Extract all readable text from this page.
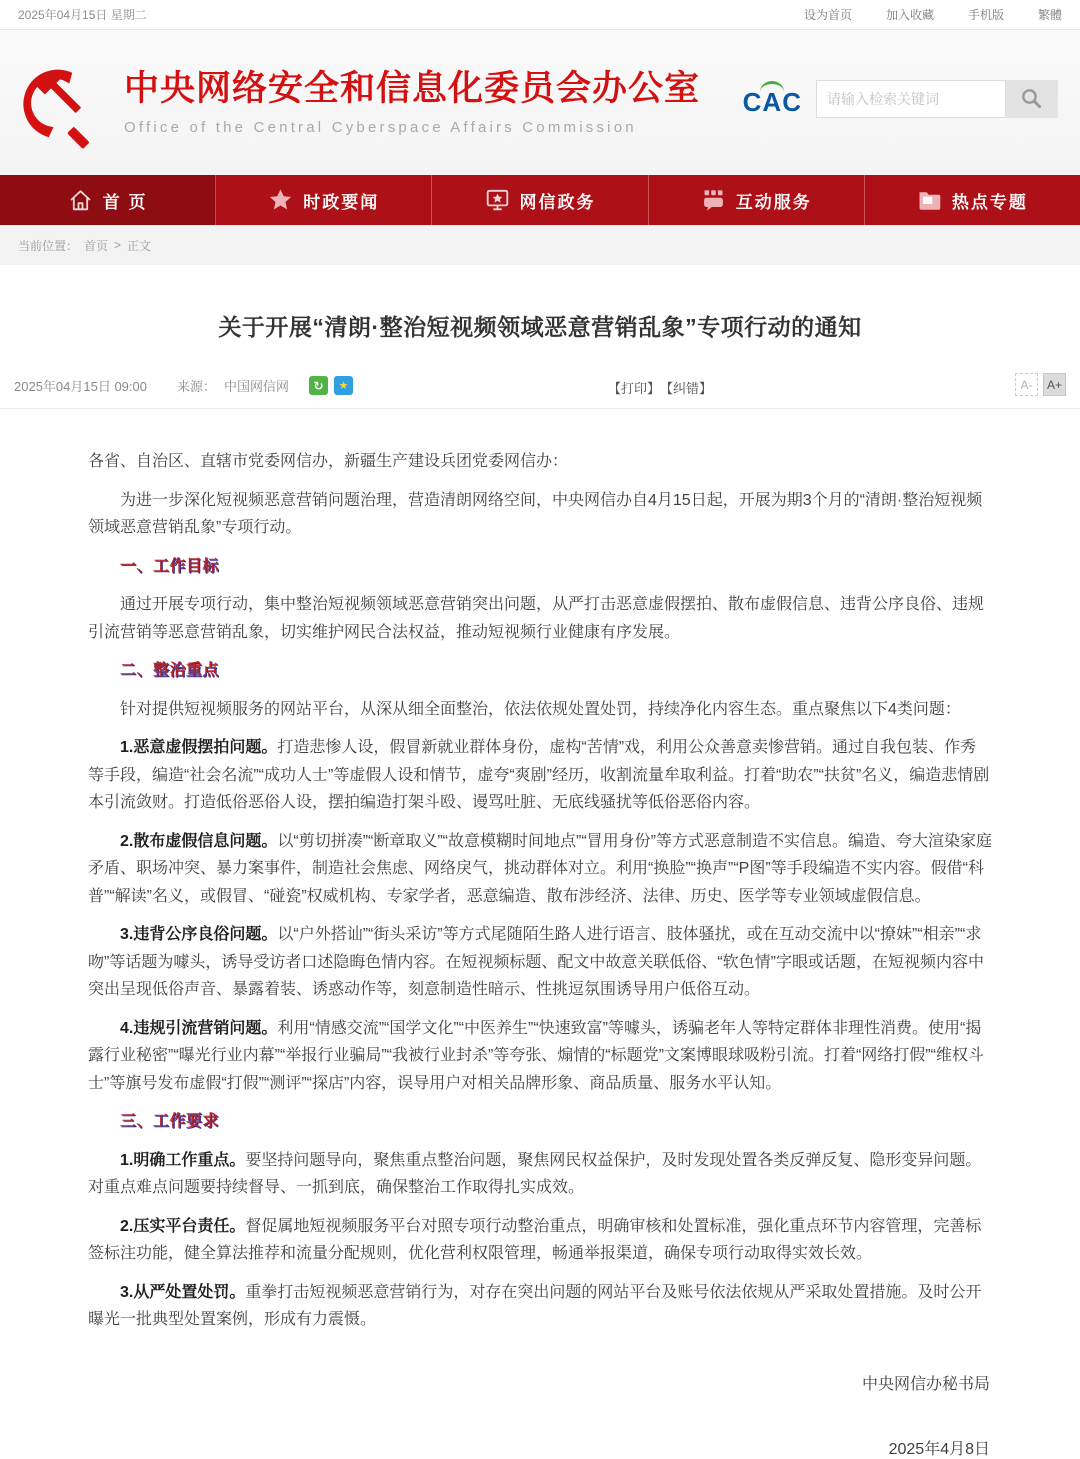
2025年04月15日 星期二	设为首页	加入收藏	手机版	繁體
中央网络安全和信息化委员会办公室
Office of the Central Cyberspace Affairs Commission
CAC
请输入检索关键词
首 页	时政要闻	网信政务	互动服务	热点专题
当前位置： 首页 > 正文
关于开展“清朗·整治短视频领域恶意营销乱象”专项行动的通知
2025年04月15日 09:00 来源： 中国网信网	↻	★	【打印】 【纠错】	A-	A+

各省、自治区、直辖市党委网信办，新疆生产建设兵团党委网信办：

为进一步深化短视频恶意营销问题治理，营造清朗网络空间，中央网信办自4月15日起，开展为期3个月的“清朗·整治短视频领域恶意营销乱象”专项行动。

一、工作目标

通过开展专项行动，集中整治短视频领域恶意营销突出问题，从严打击恶意虚假摆拍、散布虚假信息、违背公序良俗、违规引流营销等恶意营销乱象，切实维护网民合法权益，推动短视频行业健康有序发展。

二、整治重点

针对提供短视频服务的网站平台，从深从细全面整治，依法依规处置处罚，持续净化内容生态。重点聚焦以下4类问题：

1.恶意虚假摆拍问题。打造悲惨人设，假冒新就业群体身份，虚构“苦情”戏，利用公众善意卖惨营销。通过自我包装、作秀等手段，编造“社会名流”“成功人士”等虚假人设和情节，虚夸“爽剧”经历，收割流量牟取利益。打着“助农”“扶贫”名义，编造悲情剧本引流敛财。打造低俗恶俗人设，摆拍编造打架斗殴、谩骂吐脏、无底线骚扰等低俗恶俗内容。

2.散布虚假信息问题。以“剪切拼凑”“断章取义”“故意模糊时间地点”“冒用身份”等方式恶意制造不实信息。编造、夸大渲染家庭矛盾、职场冲突、暴力案事件，制造社会焦虑、网络戾气，挑动群体对立。利用“换脸”“换声”“P图”等手段编造不实内容。假借“科普”“解读”名义，或假冒、“碰瓷”权威机构、专家学者，恶意编造、散布涉经济、法律、历史、医学等专业领域虚假信息。

3.违背公序良俗问题。以“户外搭讪”“街头采访”等方式尾随陌生路人进行语言、肢体骚扰，或在互动交流中以“撩妹”“相亲”“求吻”等话题为噱头，诱导受访者口述隐晦色情内容。在短视频标题、配文中故意关联低俗、“软色情”字眼或话题，在短视频内容中突出呈现低俗声音、暴露着装、诱惑动作等，刻意制造性暗示、性挑逗氛围诱导用户低俗互动。

4.违规引流营销问题。利用“情感交流”“国学文化”“中医养生”“快速致富”等噱头，诱骗老年人等特定群体非理性消费。使用“揭露行业秘密”“曝光行业内幕”“举报行业骗局”“我被行业封杀”等夸张、煽情的“标题党”文案博眼球吸粉引流。打着“网络打假”“维权斗士”等旗号发布虚假“打假”“测评”“探店”内容，误导用户对相关品牌形象、商品质量、服务水平认知。

三、工作要求

1.明确工作重点。要坚持问题导向，聚焦重点整治问题，聚焦网民权益保护，及时发现处置各类反弹反复、隐形变异问题。对重点难点问题要持续督导、一抓到底，确保整治工作取得扎实成效。

2.压实平台责任。督促属地短视频服务平台对照专项行动整治重点，明确审核和处置标准，强化重点环节内容管理，完善标签标注功能，健全算法推荐和流量分配规则，优化营利权限管理，畅通举报渠道，确保专项行动取得实效长效。

3.从严处置处罚。重拳打击短视频恶意营销行为，对存在突出问题的网站平台及账号依法依规从严采取处置措施。及时公开曝光一批典型处置案例，形成有力震慑。

中央网信办秘书局
2025年4月8日
